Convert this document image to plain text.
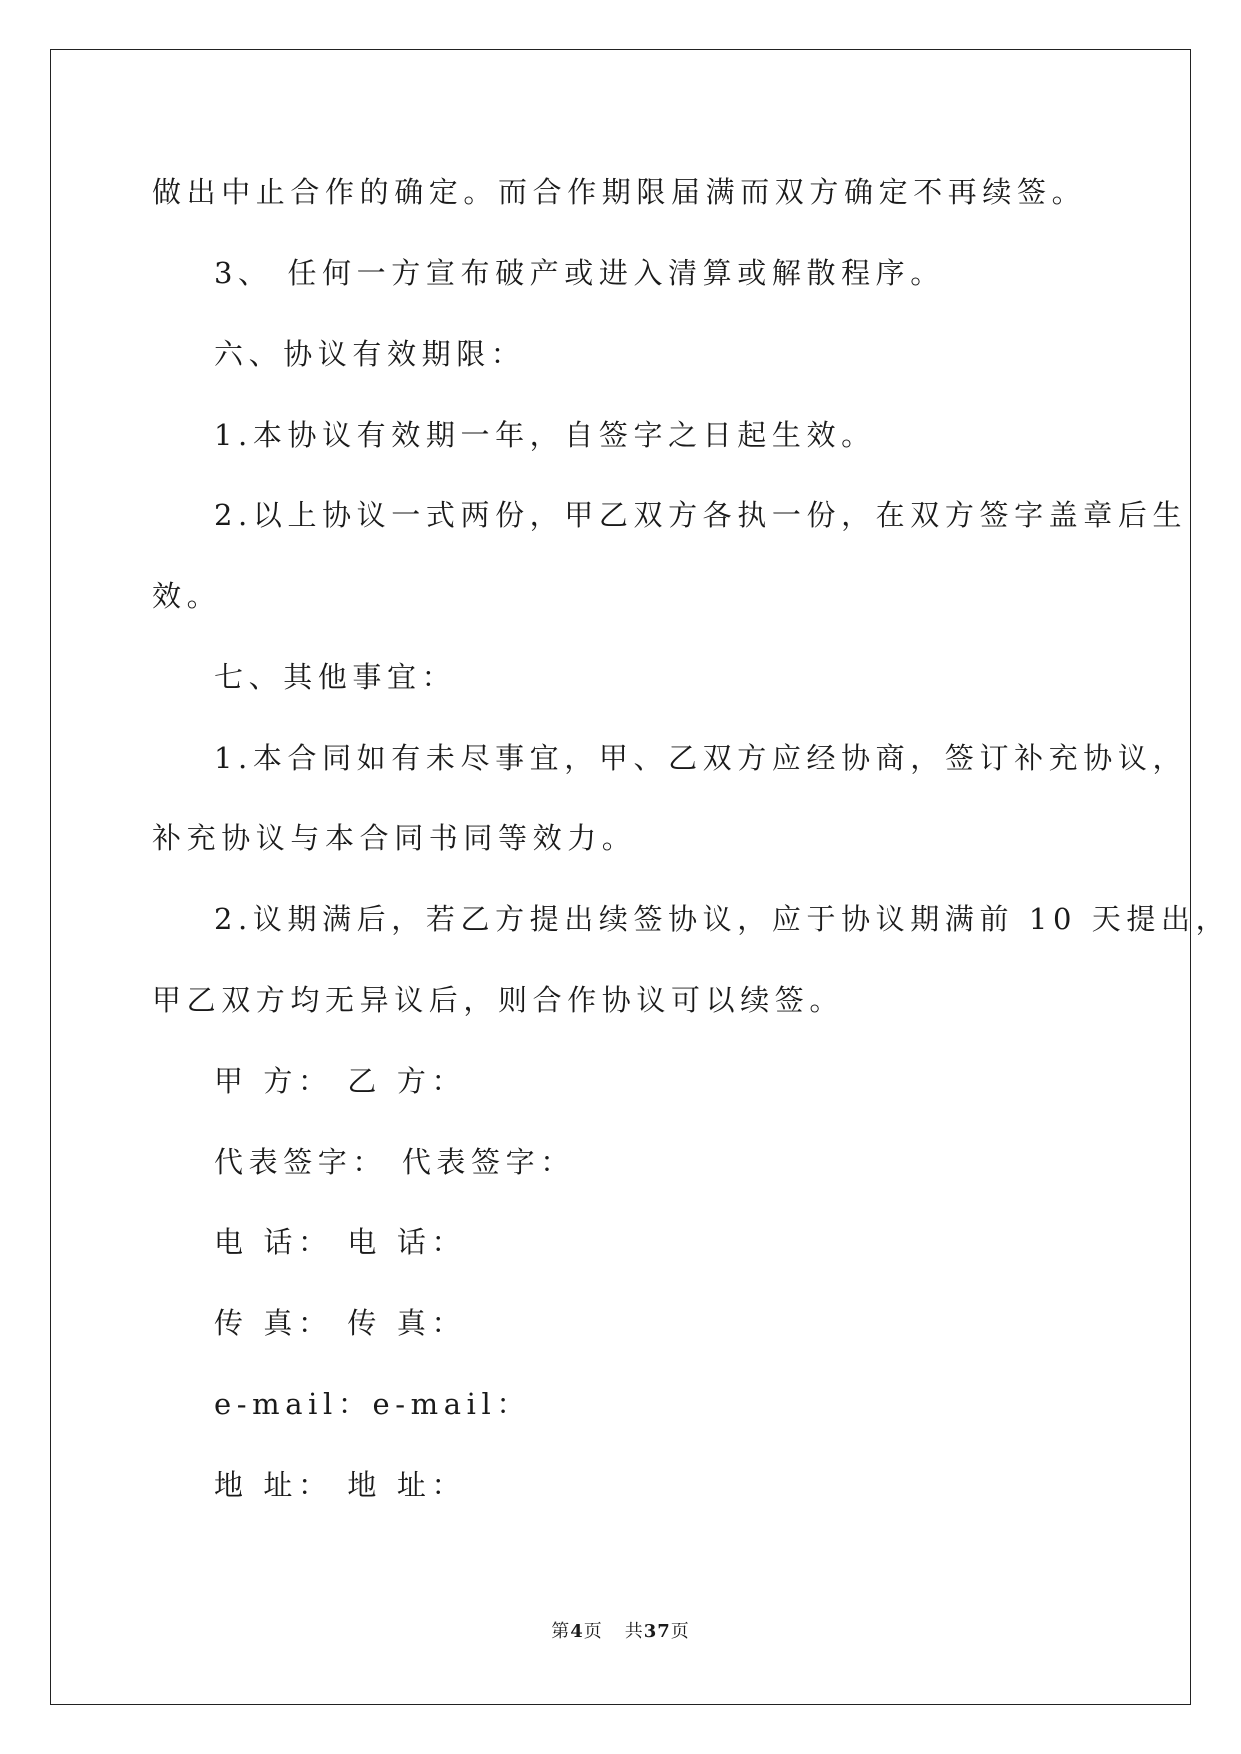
做出中止合作的确定。而合作期限届满而双方确定不再续签。
3、 任何一方宣布破产或进入清算或解散程序。
六、协议有效期限：
1.本协议有效期一年，自签字之日起生效。
2.以上协议一式两份，甲乙双方各执一份，在双方签字盖章后生
效。
七、其他事宜：
1.本合同如有未尽事宜，甲、乙双方应经协商，签订补充协议，
补充协议与本合同书同等效力。
2.议期满后，若乙方提出续签协议，应于协议期满前 10 天提出，
甲乙双方均无异议后，则合作协议可以续签。
甲 方： 乙 方：
代表签字： 代表签字：
电 话： 电 话：
传 真： 传 真：
e-mail：e-mail：
地 址： 地 址：
第4页 共37页
